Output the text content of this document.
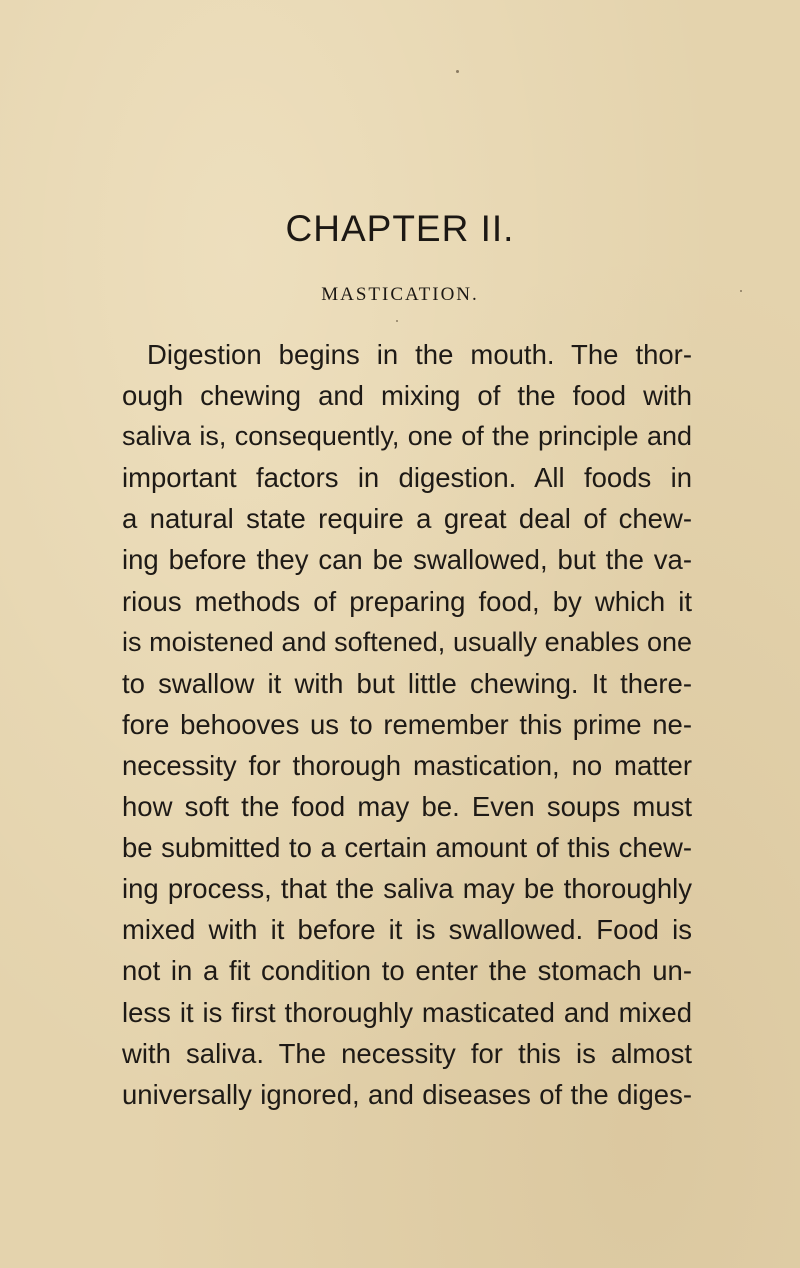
CHAPTER II.
MASTICATION.
Digestion begins in the mouth. The thor-
ough chewing and mixing of the food with
saliva is, consequently, one of the principle and
important factors in digestion. All foods in
a natural state require a great deal of chew-
ing before they can be swallowed, but the va-
rious methods of preparing food, by which it
is moistened and softened, usually enables one
to swallow it with but little chewing. It there-
fore behooves us to remember this prime ne-
necessity for thorough mastication, no matter
how soft the food may be. Even soups must
be submitted to a certain amount of this chew-
ing process, that the saliva may be thoroughly
mixed with it before it is swallowed. Food is
not in a fit condition to enter the stomach un-
less it is first thoroughly masticated and mixed
with saliva. The necessity for this is almost
universally ignored, and diseases of the diges-
